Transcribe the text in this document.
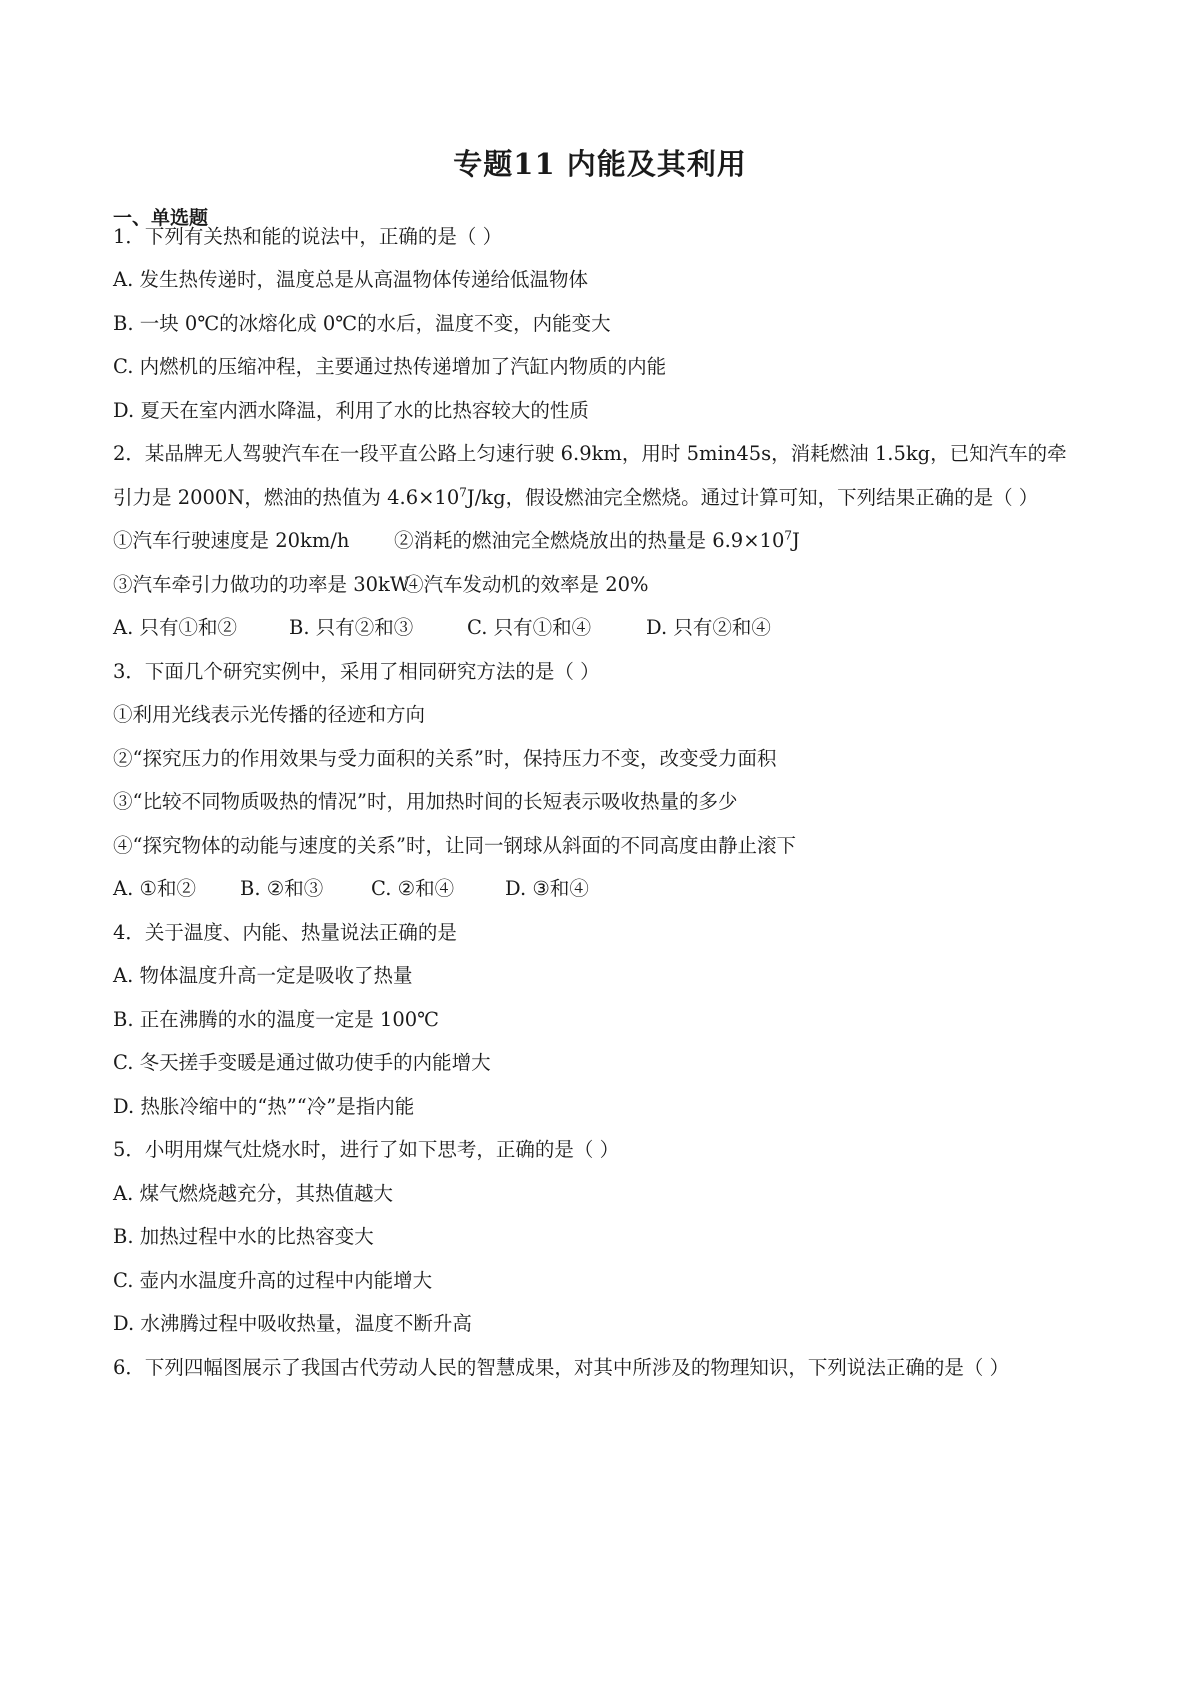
专题11 内能及其利用
一、单选题
1．下列有关热和能的说法中，正确的是（ ）
A. 发生热传递时，温度总是从高温物体传递给低温物体
B. 一块 0℃的冰熔化成 0℃的水后，温度不变，内能变大
C. 内燃机的压缩冲程，主要通过热传递增加了汽缸内物质的内能
D. 夏天在室内洒水降温，利用了水的比热容较大的性质
2．某品牌无人驾驶汽车在一段平直公路上匀速行驶 6.9km，用时 5min45s，消耗燃油 1.5kg，已知汽车的牵
引力是 2000N，燃油的热值为 $4.6\times 10^7J/kg$，假设燃油完全燃烧。通过计算可知，下列结果正确的是（ ）
①汽车行驶速度是 20km/h ②消耗的燃油完全燃烧放出的热量是 $6.9\times 10^7J$
③汽车牵引力做功的功率是 30kW
④汽车发动机的效率是 20%
A. 只有①和②	B. 只有②和③	C. 只有①和④	D. 只有②和④
3．下面几个研究实例中，采用了相同研究方法的是（ ）
①利用光线表示光传播的径迹和方向
②“探究压力的作用效果与受力面积的关系”时，保持压力不变，改变受力面积
③“比较不同物质吸热的情况”时，用加热时间的长短表示吸收热量的多少
④“探究物体的动能与速度的关系”时，让同一钢球从斜面的不同高度由静止滚下
A. ①和② B. ②和③ C. ②和④	D. ③和④
4．关于温度、内能、热量说法正确的是
A. 物体温度升高一定是吸收了热量
B. 正在沸腾的水的温度一定是 100℃
C. 冬天搓手变暖是通过做功使手的内能增大
D. 热胀冷缩中的“热”“冷”是指内能
5．小明用煤气灶烧水时，进行了如下思考，正确的是（ ）
A. 煤气燃烧越充分，其热值越大
B. 加热过程中水的比热容变大
C. 壶内水温度升高的过程中内能增大
D. 水沸腾过程中吸收热量，温度不断升高
6．下列四幅图展示了我国古代劳动人民的智慧成果，对其中所涉及的物理知识，下列说法正确的是（ ）
